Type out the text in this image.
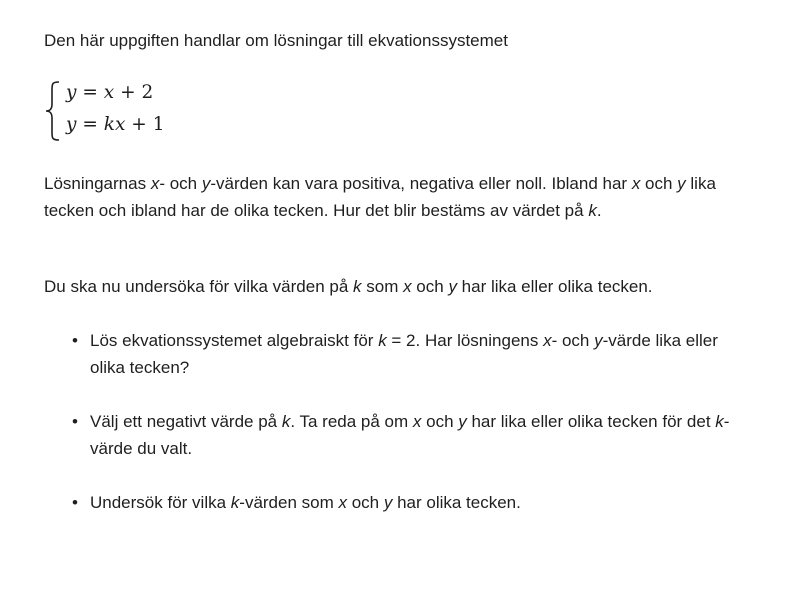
Den här uppgiften handlar om lösningar till ekvationssystemet

y = x + 2
y = kx + 1

Lösningarnas x- och y-värden kan vara positiva, negativa eller noll. Ibland har x och y lika tecken och ibland har de olika tecken. Hur det blir bestäms av värdet på k.

Du ska nu undersöka för vilka värden på k som x och y har lika eller olika tecken.

• Lös ekvationssystemet algebraiskt för k = 2. Har lösningens x- och y-värde lika eller olika tecken?
• Välj ett negativt värde på k. Ta reda på om x och y har lika eller olika tecken för det k-värde du valt.
• Undersök för vilka k-värden som x och y har olika tecken.
